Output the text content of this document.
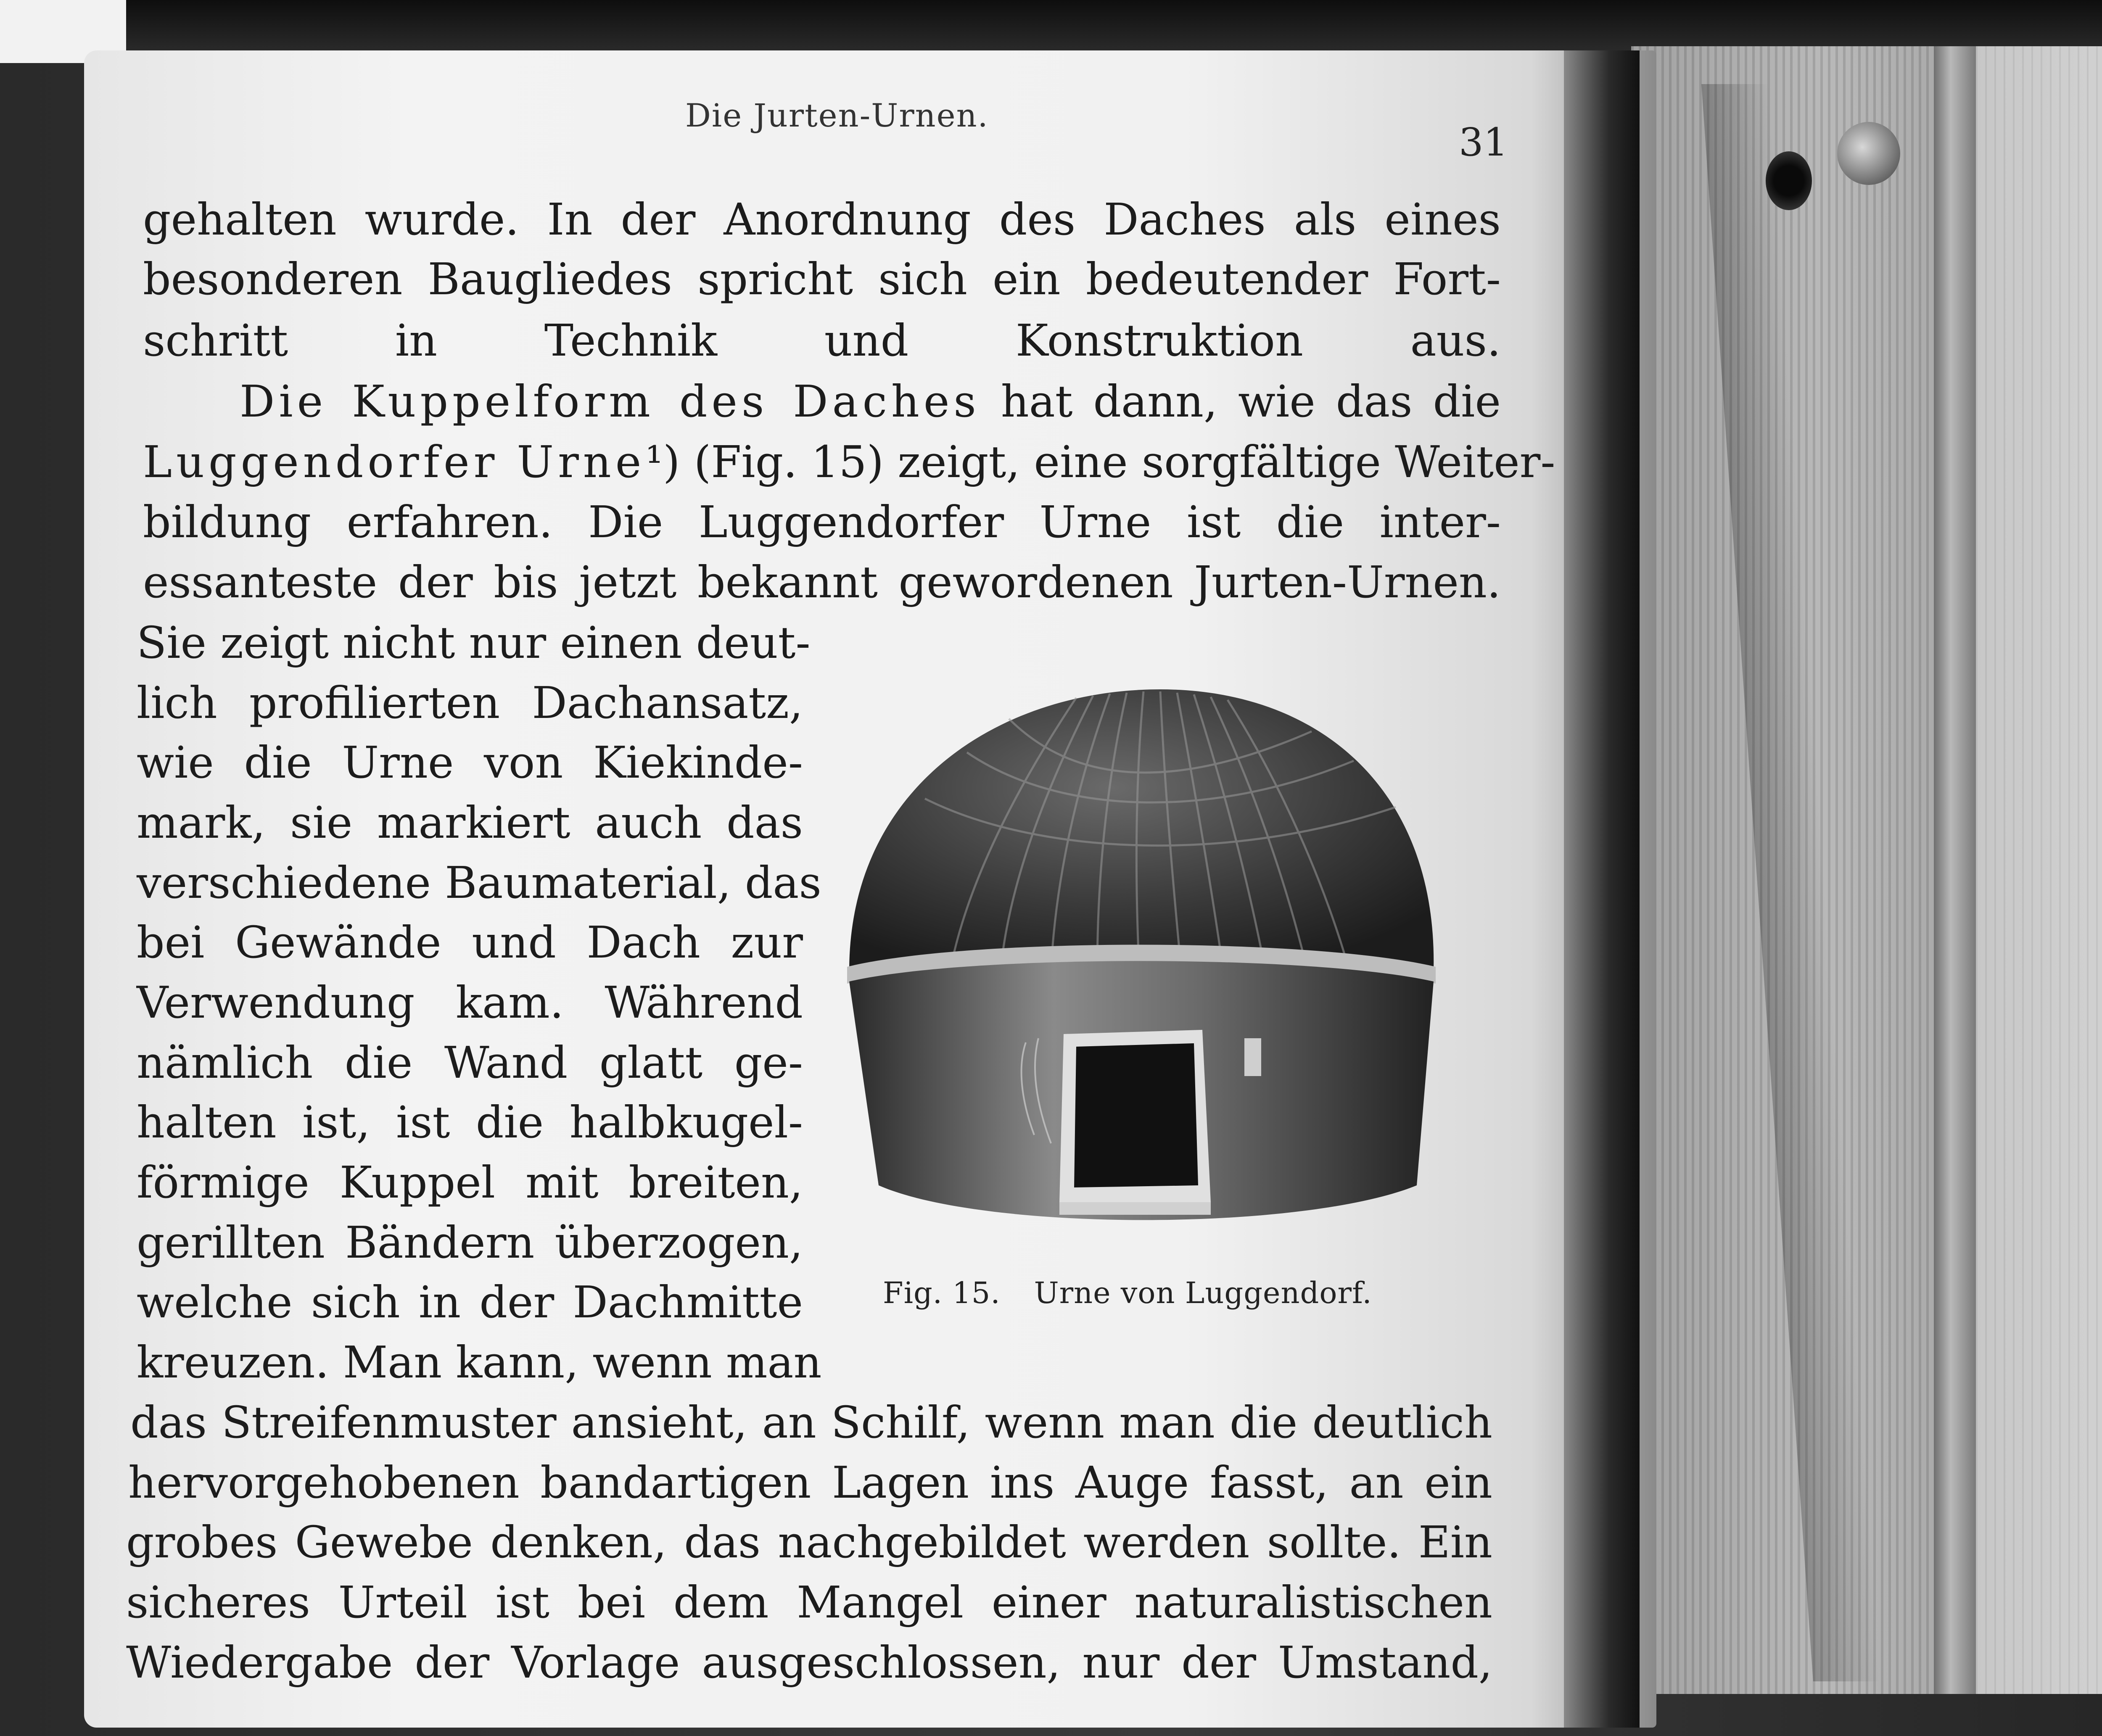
Die Jurten-Urnen.
31
gehalten wurde. In der Anordnung des Daches als eines
besonderen Baugliedes spricht sich ein bedeutender Fort-
schritt in Technik und Konstruktion aus.
Die Kuppelform des Daches hat dann, wie das die
Luggendorfer Urne¹) (Fig. 15) zeigt, eine sorgfältige Weiter-
bildung erfahren. Die Luggendorfer Urne ist die inter-
essanteste der bis jetzt bekannt gewordenen Jurten-Urnen.
Sie zeigt nicht nur einen deut-
lich profilierten Dachansatz,
wie die Urne von Kiekinde-
mark, sie markiert auch das
verschiedene Baumaterial, das
bei Gewände und Dach zur
Verwendung kam. Während
nämlich die Wand glatt ge-
halten ist, ist die halbkugel-
förmige Kuppel mit breiten,
gerillten Bändern überzogen,
welche sich in der Dachmitte
kreuzen. Man kann, wenn man
das Streifenmuster ansieht, an Schilf, wenn man die deutlich
hervorgehobenen bandartigen Lagen ins Auge fasst, an ein
grobes Gewebe denken, das nachgebildet werden sollte. Ein
sicheres Urteil ist bei dem Mangel einer naturalistischen
Wiedergabe der Vorlage ausgeschlossen, nur der Umstand,
Fig. 15. Urne von Luggendorf.
